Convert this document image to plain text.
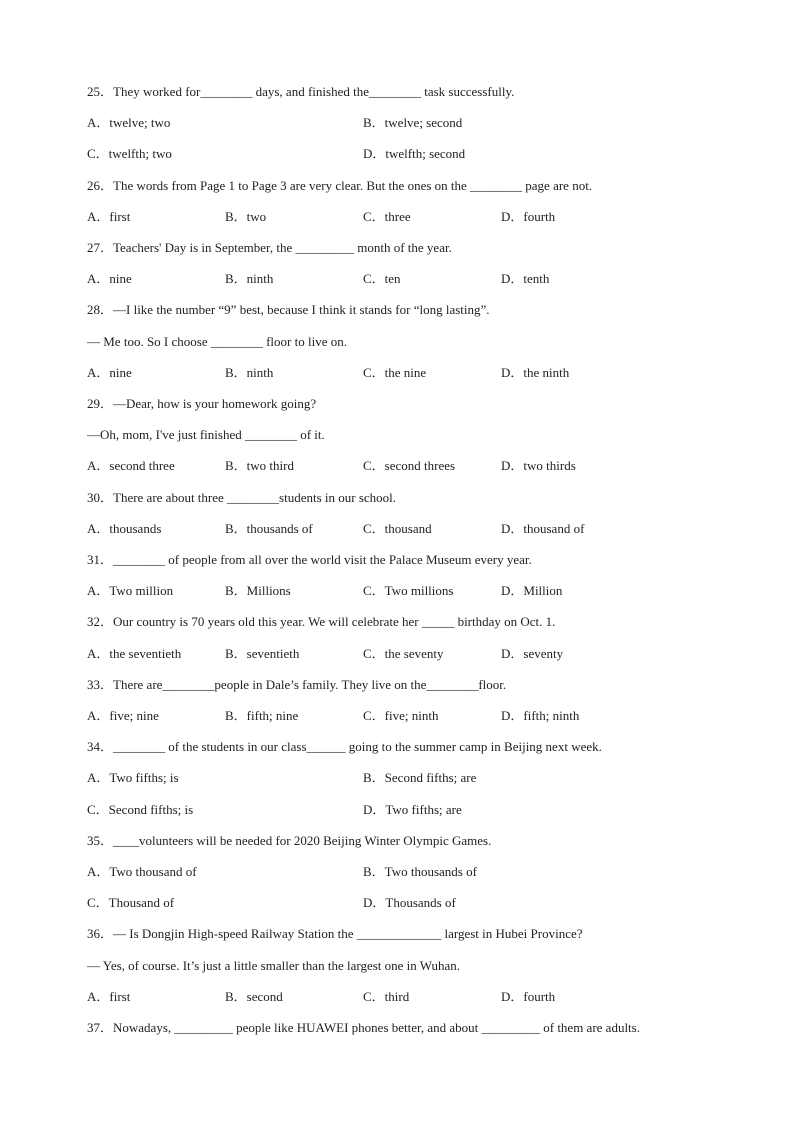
25．They worked for________ days, and finished the________ task successfully.
A．twelve; two	B．twelve; second
C．twelfth; two	D．twelfth; second
26．The words from Page 1 to Page 3 are very clear. But the ones on the ________ page are not.
A．first	B．two	C．three	D．fourth
27．Teachers' Day is in September, the _________ month of the year.
A．nine	B．ninth	C．ten	D．tenth
28．—I like the number “9” best, because I think it stands for “long lasting”.
— Me too. So I choose ________ floor to live on.
A．nine	B．ninth	C．the nine	D．the ninth
29．—Dear, how is your homework going?
—Oh, mom, I've just finished ________ of it.
A．second three	B．two third	C．second threes	D．two thirds
30．There are about three ________students in our school.
A．thousands	B．thousands of	C．thousand	D．thousand of
31．________ of people from all over the world visit the Palace Museum every year.
A．Two million	B．Millions	C．Two millions	D．Million
32．Our country is 70 years old this year. We will celebrate her _____ birthday on Oct. 1.
A．the seventieth	B．seventieth	C．the seventy	D．seventy
33．There are________people in Dale’s family. They live on the________floor.
A．five; nine	B．fifth; nine	C．five; ninth	D．fifth; ninth
34．________ of the students in our class______ going to the summer camp in Beijing next week.
A．Two fifths; is	B．Second fifths; are
C．Second fifths; is	D．Two fifths; are
35．____volunteers will be needed for 2020 Beijing Winter Olympic Games.
A．Two thousand of	B．Two thousands of
C．Thousand of	D．Thousands of
36．— Is Dongjin High-speed Railway Station the _____________ largest in Hubei Province?
— Yes, of course. It’s just a little smaller than the largest one in Wuhan.
A．first	B．second	C．third	D．fourth
37．Nowadays, _________ people like HUAWEI phones better, and about _________ of them are adults.
